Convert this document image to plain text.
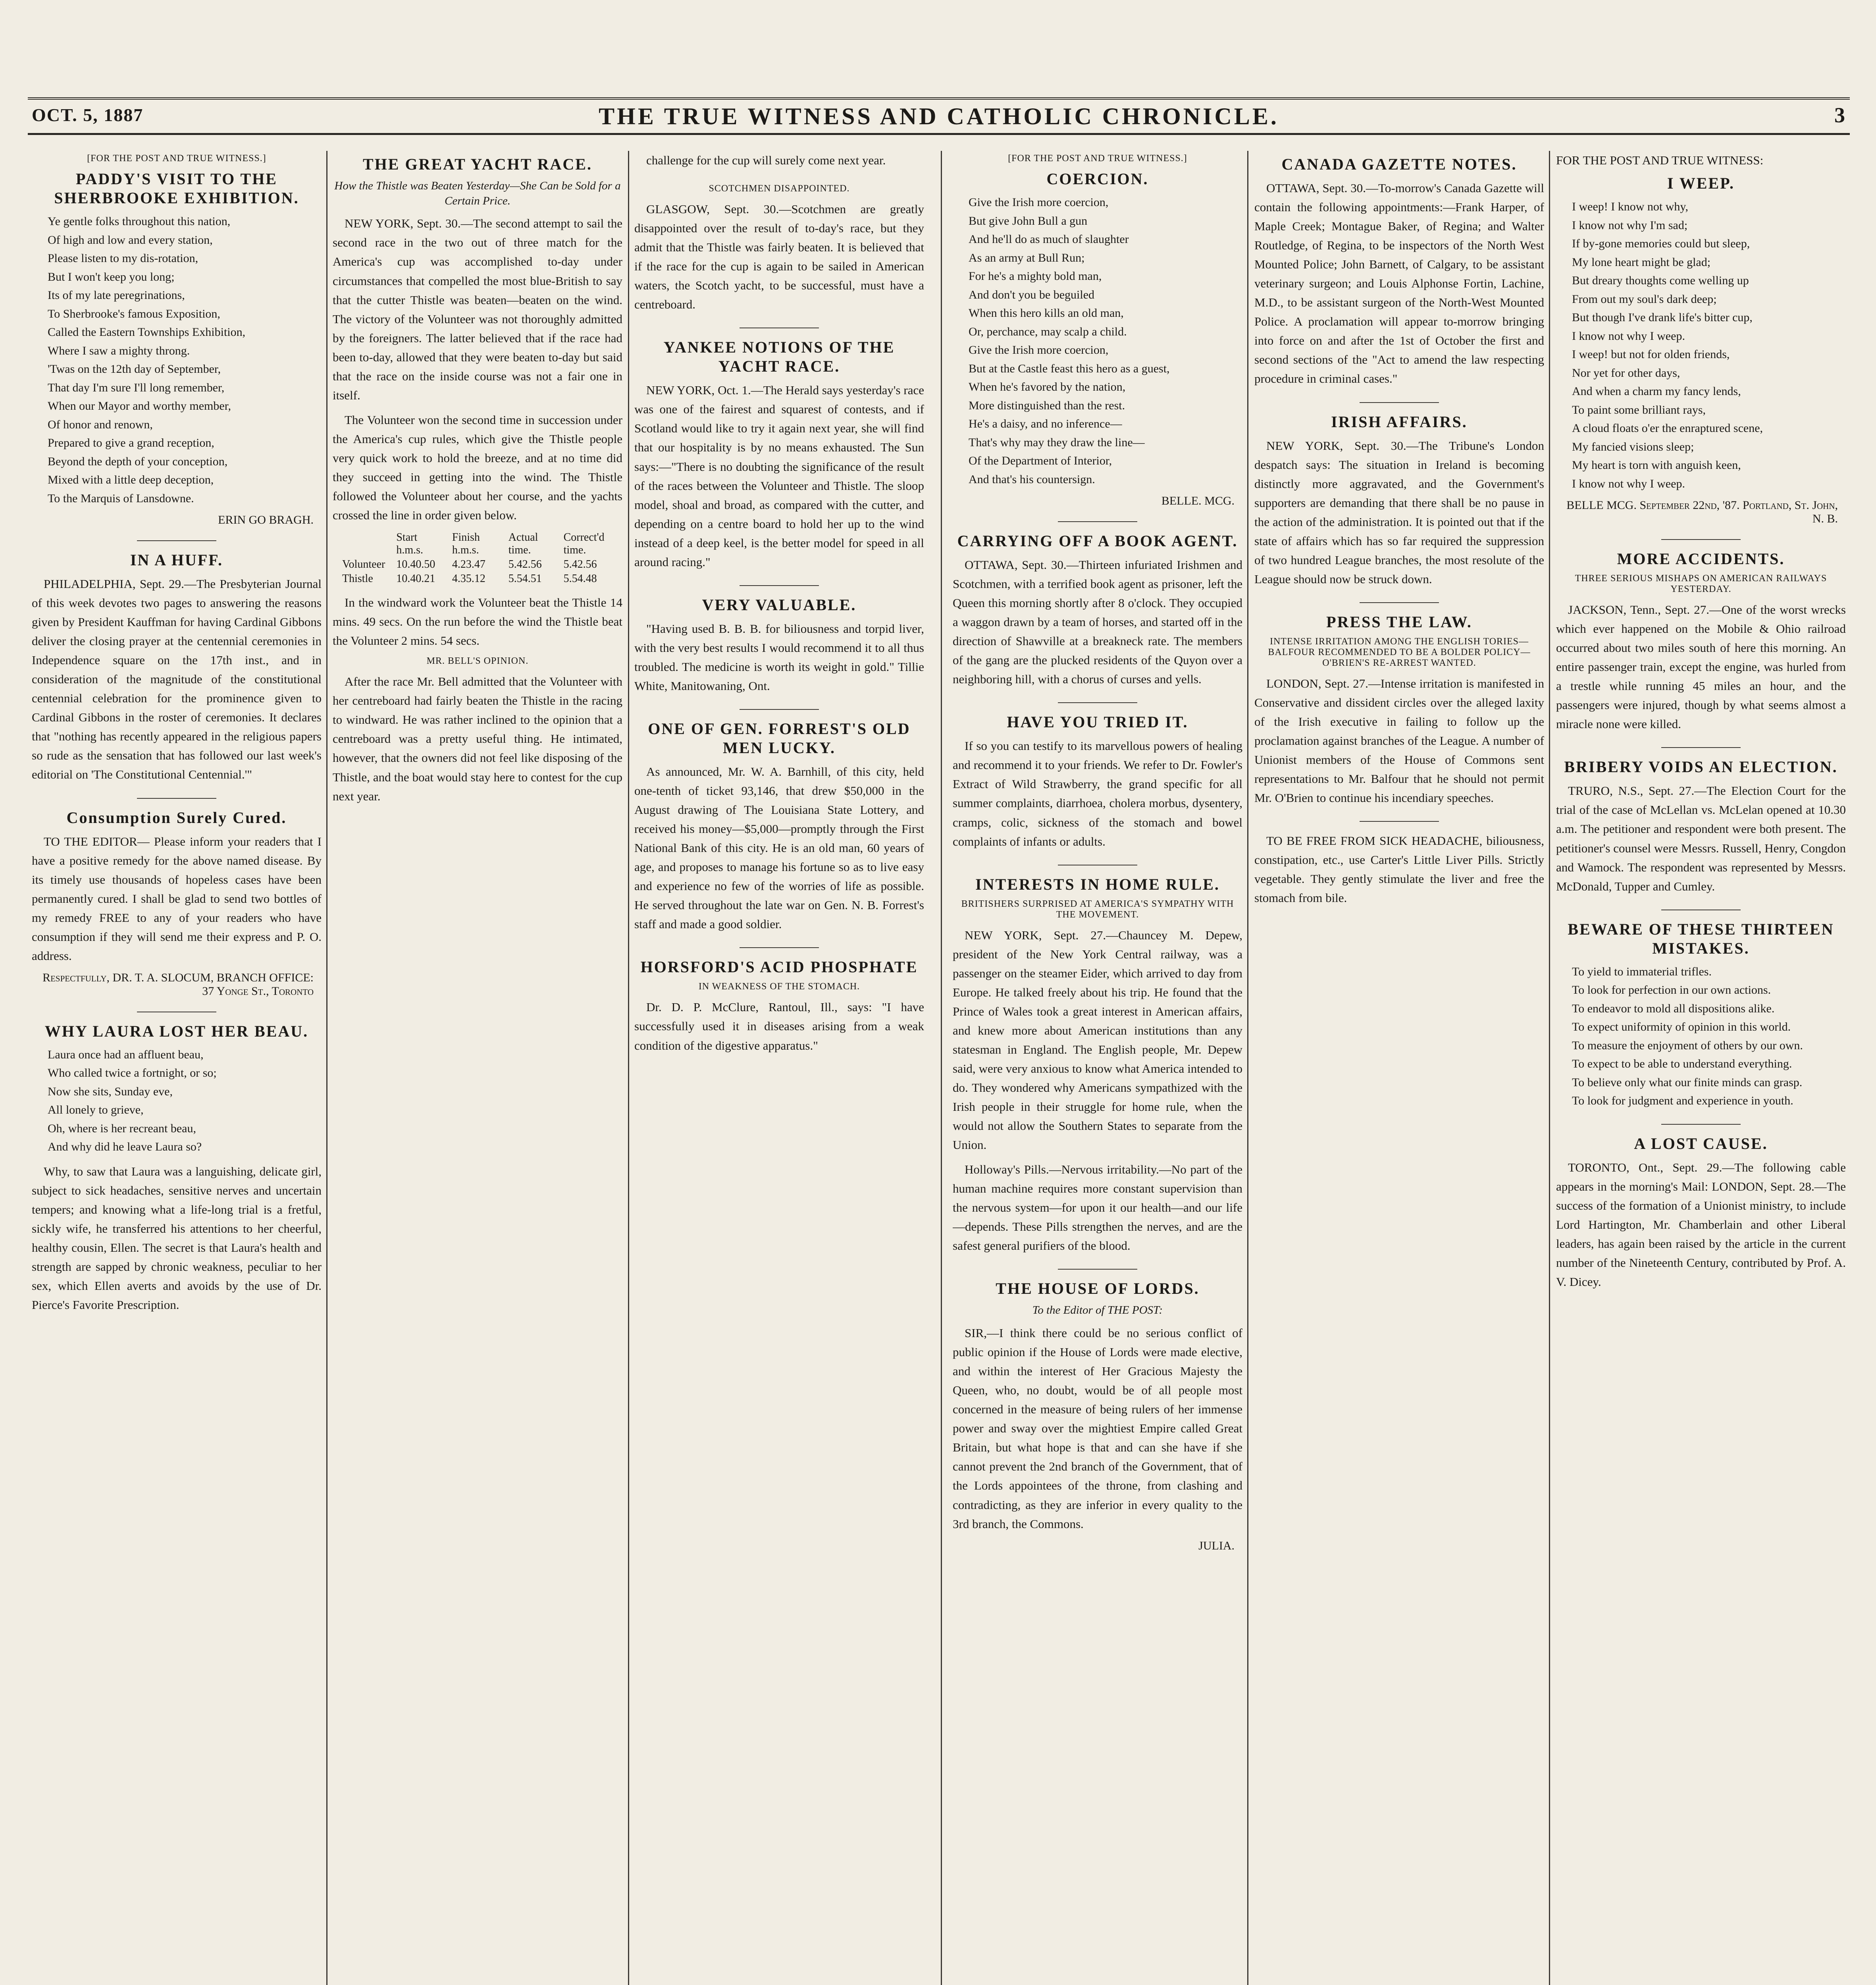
OCT. 5, 1887	THE TRUE WITNESS AND CATHOLIC CHRONICLE.	3
[FOR THE POST AND TRUE WITNESS.]
PADDY'S VISIT TO THE SHERBROOKE EXHIBITION.
Ye gentle folks throughout this nation,
Of high and low and every station,
Please listen to my dis-rotation,
But I won't keep you long;
Its of my late peregrinations,
To Sherbrooke's famous Exposition,
Called the Eastern Townships Exhibition,
Where I saw a mighty throng.
'Twas on the 12th day of September,
That day I'm sure I'll long remember,
When our Mayor and worthy member,
Of honor and renown,
Prepared to give a grand reception,
Beyond the depth of your conception,
Mixed with a little deep deception,
To the Marquis of Lansdowne.
ERIN GO BRAGH.
IN A HUFF.

PHILADELPHIA, Sept. 29.—The Presbyterian Journal of this week devotes two pages to answering the reasons given by President Kauffman for having Cardinal Gibbons deliver the closing prayer at the centennial ceremonies in Independence square on the 17th inst., and in consideration of the magnitude of the constitutional centennial celebration for the prominence given to Cardinal Gibbons in the roster of ceremonies. It declares that "nothing has recently appeared in the religious papers so rude as the sensation that has followed our last week's editorial on 'The Constitutional Centennial.'"

Consumption Surely Cured.

TO THE EDITOR— Please inform your readers that I have a positive remedy for the above named disease. By its timely use thousands of hopeless cases have been permanently cured. I shall be glad to send two bottles of my remedy FREE to any of your readers who have consumption if they will send me their express and P. O. address.

Respectfully, DR. T. A. SLOCUM, BRANCH OFFICE: 37 Yonge St., Toronto
WHY LAURA LOST HER BEAU.
Laura once had an affluent beau,
Who called twice a fortnight, or so;
Now she sits, Sunday eve,
All lonely to grieve,
Oh, where is her recreant beau,
And why did he leave Laura so?

Why, to saw that Laura was a languishing, delicate girl, subject to sick headaches, sensitive nerves and uncertain tempers; and knowing what a life-long trial is a fretful, sickly wife, he transferred his attentions to her cheerful, healthy cousin, Ellen. The secret is that Laura's health and strength are sapped by chronic weakness, peculiar to her sex, which Ellen averts and avoids by the use of Dr. Pierce's Favorite Prescription.

THE GREAT YACHT RACE.
How the Thistle was Beaten Yesterday—She Can be Sold for a Certain Price.

NEW YORK, Sept. 30.—The second attempt to sail the second race in the two out of three match for the America's cup was accomplished to-day under circumstances that compelled the most blue-British to say that the cutter Thistle was beaten—beaten on the wind. The victory of the Volunteer was not thoroughly admitted by the foreigners. The latter believed that if the race had been to-day, allowed that they were beaten to-day but said that the race on the inside course was not a fair one in itself.

The Volunteer won the second time in succession under the America's cup rules, which give the Thistle people very quick work to hold the breeze, and at no time did they succeed in getting into the wind. The Thistle followed the Volunteer about her course, and the yachts crossed the line in order given below.

	Start h.m.s.	Finish h.m.s.	Actual time.	Correct'd time.
Volunteer	10.40.50	4.23.47	5.42.56	5.42.56
Thistle	10.40.21	4.35.12	5.54.51	5.54.48

In the windward work the Volunteer beat the Thistle 14 mins. 49 secs. On the run before the wind the Thistle beat the Volunteer 2 mins. 54 secs.

MR. BELL'S OPINION.

After the race Mr. Bell admitted that the Volunteer with her centreboard had fairly beaten the Thistle in the racing to windward. He was rather inclined to the opinion that a centreboard was a pretty useful thing. He intimated, however, that the owners did not feel like disposing of the Thistle, and the boat would stay here to contest for the cup next year.

challenge for the cup will surely come next year.

SCOTCHMEN DISAPPOINTED.

GLASGOW, Sept. 30.—Scotchmen are greatly disappointed over the result of to-day's race, but they admit that the Thistle was fairly beaten. It is believed that if the race for the cup is again to be sailed in American waters, the Scotch yacht, to be successful, must have a centreboard.

YANKEE NOTIONS OF THE YACHT RACE.

NEW YORK, Oct. 1.—The Herald says yesterday's race was one of the fairest and squarest of contests, and if Scotland would like to try it again next year, she will find that our hospitality is by no means exhausted. The Sun says:—"There is no doubting the significance of the result of the races between the Volunteer and Thistle. The sloop model, shoal and broad, as compared with the cutter, and depending on a centre board to hold her up to the wind instead of a deep keel, is the better model for speed in all around racing."

VERY VALUABLE.

"Having used B. B. B. for biliousness and torpid liver, with the very best results I would recommend it to all thus troubled. The medicine is worth its weight in gold." Tillie White, Manitowaning, Ont.

ONE OF GEN. FORREST'S OLD MEN LUCKY.

As announced, Mr. W. A. Barnhill, of this city, held one-tenth of ticket 93,146, that drew $50,000 in the August drawing of The Louisiana State Lottery, and received his money—$5,000—promptly through the First National Bank of this city. He is an old man, 60 years of age, and proposes to manage his fortune so as to live easy and experience no few of the worries of life as possible. He served throughout the late war on Gen. N. B. Forrest's staff and made a good soldier.

HORSFORD'S ACID PHOSPHATE
IN WEAKNESS OF THE STOMACH.

Dr. D. P. McClure, Rantoul, Ill., says: "I have successfully used it in diseases arising from a weak condition of the digestive apparatus."

[FOR THE POST AND TRUE WITNESS.]
COERCION.
Give the Irish more coercion,
But give John Bull a gun
And he'll do as much of slaughter
As an army at Bull Run;
For he's a mighty bold man,
And don't you be beguiled
When this hero kills an old man,
Or, perchance, may scalp a child.
Give the Irish more coercion,
But at the Castle feast this hero as a guest,
When he's favored by the nation,
More distinguished than the rest.
He's a daisy, and no inference—
That's why may they draw the line—
Of the Department of Interior,
And that's his countersign.
BELLE. MCG.
CARRYING OFF A BOOK AGENT.

OTTAWA, Sept. 30.—Thirteen infuriated Irishmen and Scotchmen, with a terrified book agent as prisoner, left the Queen this morning shortly after 8 o'clock. They occupied a waggon drawn by a team of horses, and started off in the direction of Shawville at a breakneck rate. The members of the gang are the plucked residents of the Quyon over a neighboring hill, with a chorus of curses and yells.

HAVE YOU TRIED IT.

If so you can testify to its marvellous powers of healing and recommend it to your friends. We refer to Dr. Fowler's Extract of Wild Strawberry, the grand specific for all summer complaints, diarrhoea, cholera morbus, dysentery, cramps, colic, sickness of the stomach and bowel complaints of infants or adults.

INTERESTS IN HOME RULE.
BRITISHERS SURPRISED AT AMERICA'S SYMPATHY WITH THE MOVEMENT.

NEW YORK, Sept. 27.—Chauncey M. Depew, president of the New York Central railway, was a passenger on the steamer Eider, which arrived to day from Europe. He talked freely about his trip. He found that the Prince of Wales took a great interest in American affairs, and knew more about American institutions than any statesman in England. The English people, Mr. Depew said, were very anxious to know what America intended to do. They wondered why Americans sympathized with the Irish people in their struggle for home rule, when the would not allow the Southern States to separate from the Union.

Holloway's Pills.—Nervous irritability.—No part of the human machine requires more constant supervision than the nervous system—for upon it our health—and our life—depends. These Pills strengthen the nerves, and are the safest general purifiers of the blood.

THE HOUSE OF LORDS.
To the Editor of THE POST:

SIR,—I think there could be no serious conflict of public opinion if the House of Lords were made elective, and within the interest of Her Gracious Majesty the Queen, who, no doubt, would be of all people most concerned in the measure of being rulers of her immense power and sway over the mightiest Empire called Great Britain, but what hope is that and can she have if she cannot prevent the 2nd branch of the Government, that of the Lords appointees of the throne, from clashing and contradicting, as they are inferior in every quality to the 3rd branch, the Commons.

JULIA.
CANADA GAZETTE NOTES.

OTTAWA, Sept. 30.—To-morrow's Canada Gazette will contain the following appointments:—Frank Harper, of Maple Creek; Montague Baker, of Regina; and Walter Routledge, of Regina, to be inspectors of the North West Mounted Police; John Barnett, of Calgary, to be assistant veterinary surgeon; and Louis Alphonse Fortin, Lachine, M.D., to be assistant surgeon of the North-West Mounted Police. A proclamation will appear to-morrow bringing into force on and after the 1st of October the first and second sections of the "Act to amend the law respecting procedure in criminal cases."

IRISH AFFAIRS.

NEW YORK, Sept. 30.—The Tribune's London despatch says: The situation in Ireland is becoming distinctly more aggravated, and the Government's supporters are demanding that there shall be no pause in the action of the administration. It is pointed out that if the state of affairs which has so far required the suppression of two hundred League branches, the most resolute of the League should now be struck down.

PRESS THE LAW.
INTENSE IRRITATION AMONG THE ENGLISH TORIES—BALFOUR RECOMMENDED TO BE A BOLDER POLICY—O'BRIEN'S RE-ARREST WANTED.

LONDON, Sept. 27.—Intense irritation is manifested in Conservative and dissident circles over the alleged laxity of the Irish executive in failing to follow up the proclamation against branches of the League. A number of Unionist members of the House of Commons sent representations to Mr. Balfour that he should not permit Mr. O'Brien to continue his incendiary speeches.

TO BE FREE FROM SICK HEADACHE, biliousness, constipation, etc., use Carter's Little Liver Pills. Strictly vegetable. They gently stimulate the liver and free the stomach from bile.

FOR THE POST AND TRUE WITNESS:
I WEEP.
I weep! I know not why,
I know not why I'm sad;
If by-gone memories could but sleep,
My lone heart might be glad;
But dreary thoughts come welling up
From out my soul's dark deep;
But though I've drank life's bitter cup,
I know not why I weep.
I weep! but not for olden friends,
Nor yet for other days,
And when a charm my fancy lends,
To paint some brilliant rays,
A cloud floats o'er the enraptured scene,
My fancied visions sleep;
My heart is torn with anguish keen,
I know not why I weep.
BELLE MCG. September 22nd, '87. Portland, St. John, N. B.
MORE ACCIDENTS.
THREE SERIOUS MISHAPS ON AMERICAN RAILWAYS YESTERDAY.

JACKSON, Tenn., Sept. 27.—One of the worst wrecks which ever happened on the Mobile & Ohio railroad occurred about two miles south of here this morning. An entire passenger train, except the engine, was hurled from a trestle while running 45 miles an hour, and the passengers were injured, though by what seems almost a miracle none were killed.

BRIBERY VOIDS AN ELECTION.

TRURO, N.S., Sept. 27.—The Election Court for the trial of the case of McLellan vs. McLelan opened at 10.30 a.m. The petitioner and respondent were both present. The petitioner's counsel were Messrs. Russell, Henry, Congdon and Wamock. The respondent was represented by Messrs. McDonald, Tupper and Cumley.

BEWARE OF THESE THIRTEEN MISTAKES.
To yield to immaterial trifles.
To look for perfection in our own actions.
To endeavor to mold all dispositions alike.
To expect uniformity of opinion in this world.
To measure the enjoyment of others by our own.
To expect to be able to understand everything.
To believe only what our finite minds can grasp.
To look for judgment and experience in youth.
A LOST CAUSE.

TORONTO, Ont., Sept. 29.—The following cable appears in the morning's Mail: LONDON, Sept. 28.—The success of the formation of a Unionist ministry, to include Lord Hartington, Mr. Chamberlain and other Liberal leaders, has again been raised by the article in the current number of the Nineteenth Century, contributed by Prof. A. V. Dicey.
